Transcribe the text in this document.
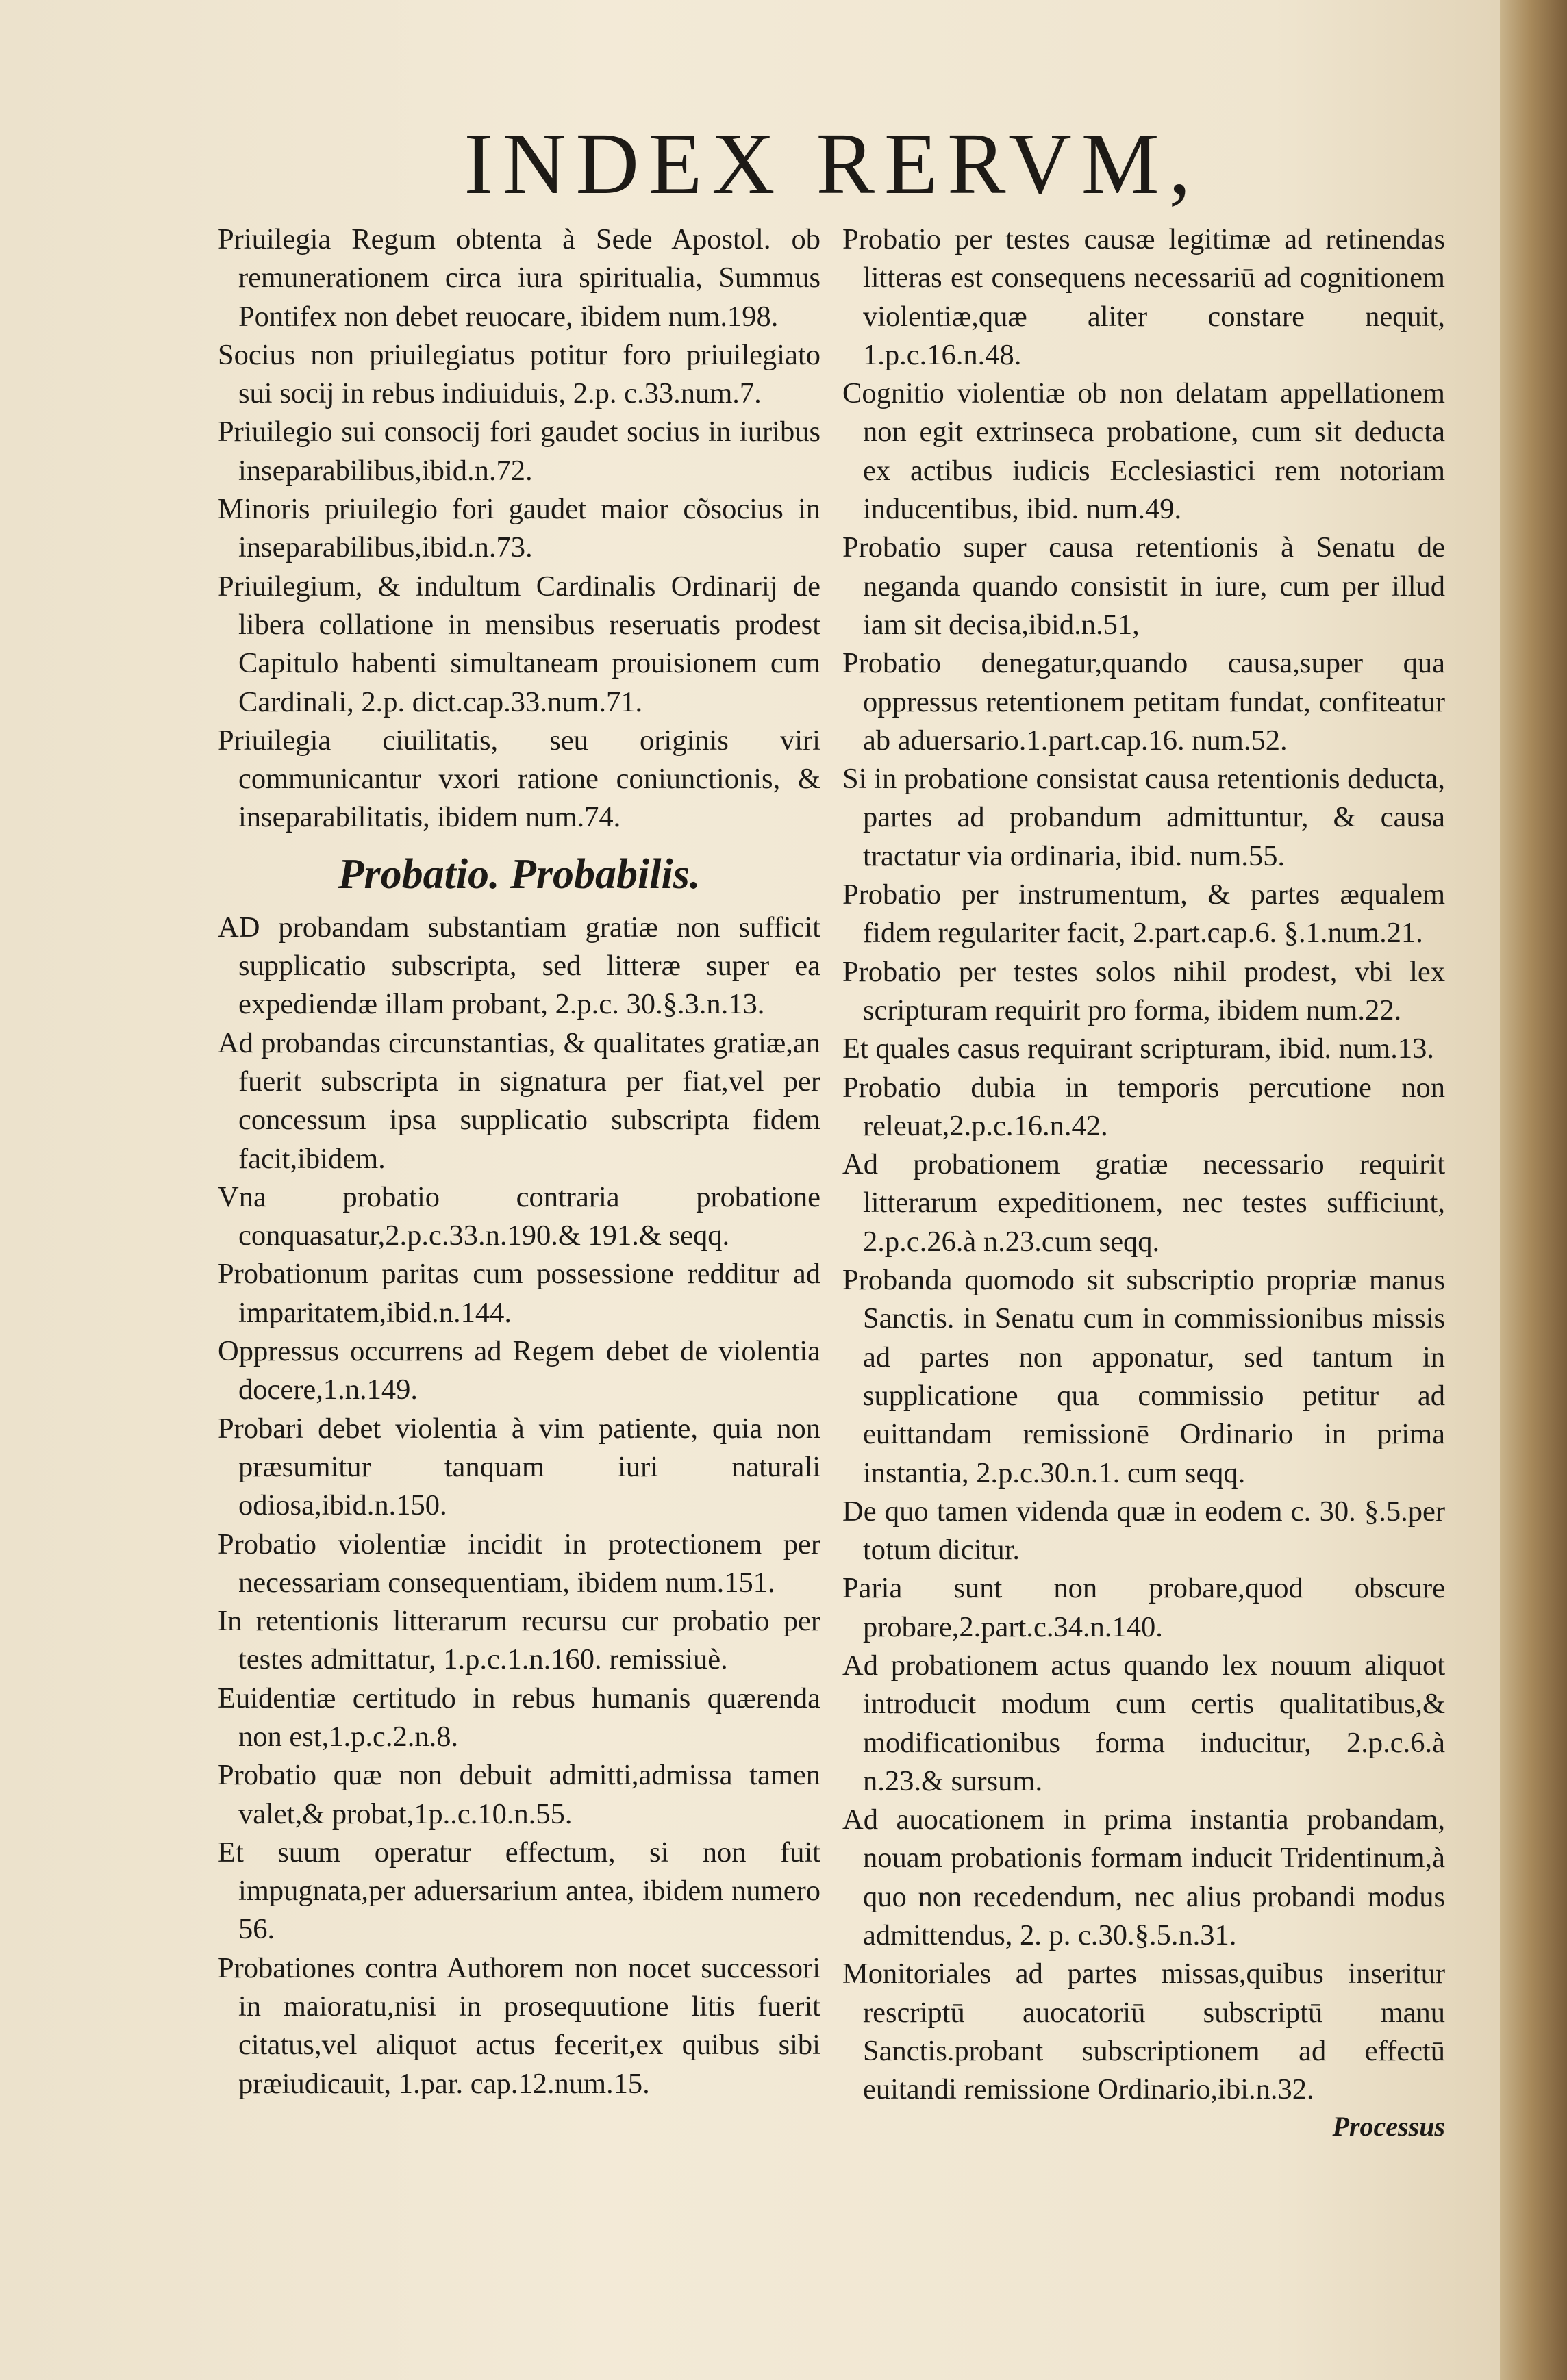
INDEX RERVM,

Priuilegia Regum obtenta à Sede Apostol. ob remunerationem circa iura spiritualia, Summus Pontifex non debet reuocare, ibidem num.198.

Socius non priuilegiatus potitur foro priuilegiato sui socij in rebus indiuiduis, 2.p. c.33.num.7.

Priuilegio sui consocij fori gaudet socius in iuribus inseparabilibus,ibid.n.72.

Minoris priuilegio fori gaudet maior cõsocius in inseparabilibus,ibid.n.73.

Priuilegium, & indultum Cardinalis Ordinarij de libera collatione in mensibus reseruatis prodest Capitulo habenti simultaneam prouisionem cum Cardinali, 2.p. dict.cap.33.num.71.

Priuilegia ciuilitatis, seu originis viri communicantur vxori ratione coniunctionis, & inseparabilitatis, ibidem num.74.

Probatio. Probabilis.

AD probandam substantiam gratiæ non sufficit supplicatio subscripta, sed litteræ super ea expediendæ illam probant, 2.p.c. 30.§.3.n.13.

Ad probandas circunstantias, & qualitates gratiæ,an fuerit subscripta in signatura per fiat,vel per concessum ipsa supplicatio subscripta fidem facit,ibidem.

Vna probatio contraria probatione conquasatur,2.p.c.33.n.190.& 191.& seqq.

Probationum paritas cum possessione redditur ad imparitatem,ibid.n.144.

Oppressus occurrens ad Regem debet de violentia docere,1.n.149.

Probari debet violentia à vim patiente, quia non præsumitur tanquam iuri naturali odiosa,ibid.n.150.

Probatio violentiæ incidit in protectionem per necessariam consequentiam, ibidem num.151.

In retentionis litterarum recursu cur probatio per testes admittatur, 1.p.c.1.n.160. remissiuè.

Euidentiæ certitudo in rebus humanis quærenda non est,1.p.c.2.n.8.

Probatio quæ non debuit admitti,admissa tamen valet,& probat,1p..c.10.n.55.

Et suum operatur effectum, si non fuit impugnata,per aduersarium antea, ibidem numero 56.

Probationes contra Authorem non nocet successori in maioratu,nisi in prosequutione litis fuerit citatus,vel aliquot actus fecerit,ex quibus sibi præiudicauit, 1.par. cap.12.num.15.

Probatio per testes causæ legitimæ ad retinendas litteras est consequens necessariū ad cognitionem violentiæ,quæ aliter constare nequit, 1.p.c.16.n.48.

Cognitio violentiæ ob non delatam appellationem non egit extrinseca probatione, cum sit deducta ex actibus iudicis Ecclesiastici rem notoriam inducentibus, ibid. num.49.

Probatio super causa retentionis à Senatu de neganda quando consistit in iure, cum per illud iam sit decisa,ibid.n.51,

Probatio denegatur,quando causa,super qua oppressus retentionem petitam fundat, confiteatur ab aduersario.1.part.cap.16. num.52.

Si in probatione consistat causa retentionis deducta, partes ad probandum admittuntur, & causa tractatur via ordinaria, ibid. num.55.

Probatio per instrumentum, & partes æqualem fidem regulariter facit, 2.part.cap.6. §.1.num.21.

Probatio per testes solos nihil prodest, vbi lex scripturam requirit pro forma, ibidem num.22.

Et quales casus requirant scripturam, ibid. num.13.

Probatio dubia in temporis percutione non releuat,2.p.c.16.n.42.

Ad probationem gratiæ necessario requirit litterarum expeditionem, nec testes sufficiunt, 2.p.c.26.à n.23.cum seqq.

Probanda quomodo sit subscriptio propriæ manus Sanctis. in Senatu cum in commissionibus missis ad partes non apponatur, sed tantum in supplicatione qua commissio petitur ad euittandam remissionē Ordinario in prima instantia, 2.p.c.30.n.1. cum seqq.

De quo tamen videnda quæ in eodem c. 30. §.5.per totum dicitur.

Paria sunt non probare,quod obscure probare,2.part.c.34.n.140.

Ad probationem actus quando lex nouum aliquot introducit modum cum certis qualitatibus,& modificationibus forma inducitur, 2.p.c.6.à n.23.& sursum.

Ad auocationem in prima instantia probandam, nouam probationis formam inducit Tridentinum,à quo non recedendum, nec alius probandi modus admittendus, 2. p. c.30.§.5.n.31.

Monitoriales ad partes missas,quibus inseritur rescriptū auocatoriū subscriptū manu Sanctis.probant subscriptionem ad effectū euitandi remissione Ordinario,ibi.n.32.

Processus
